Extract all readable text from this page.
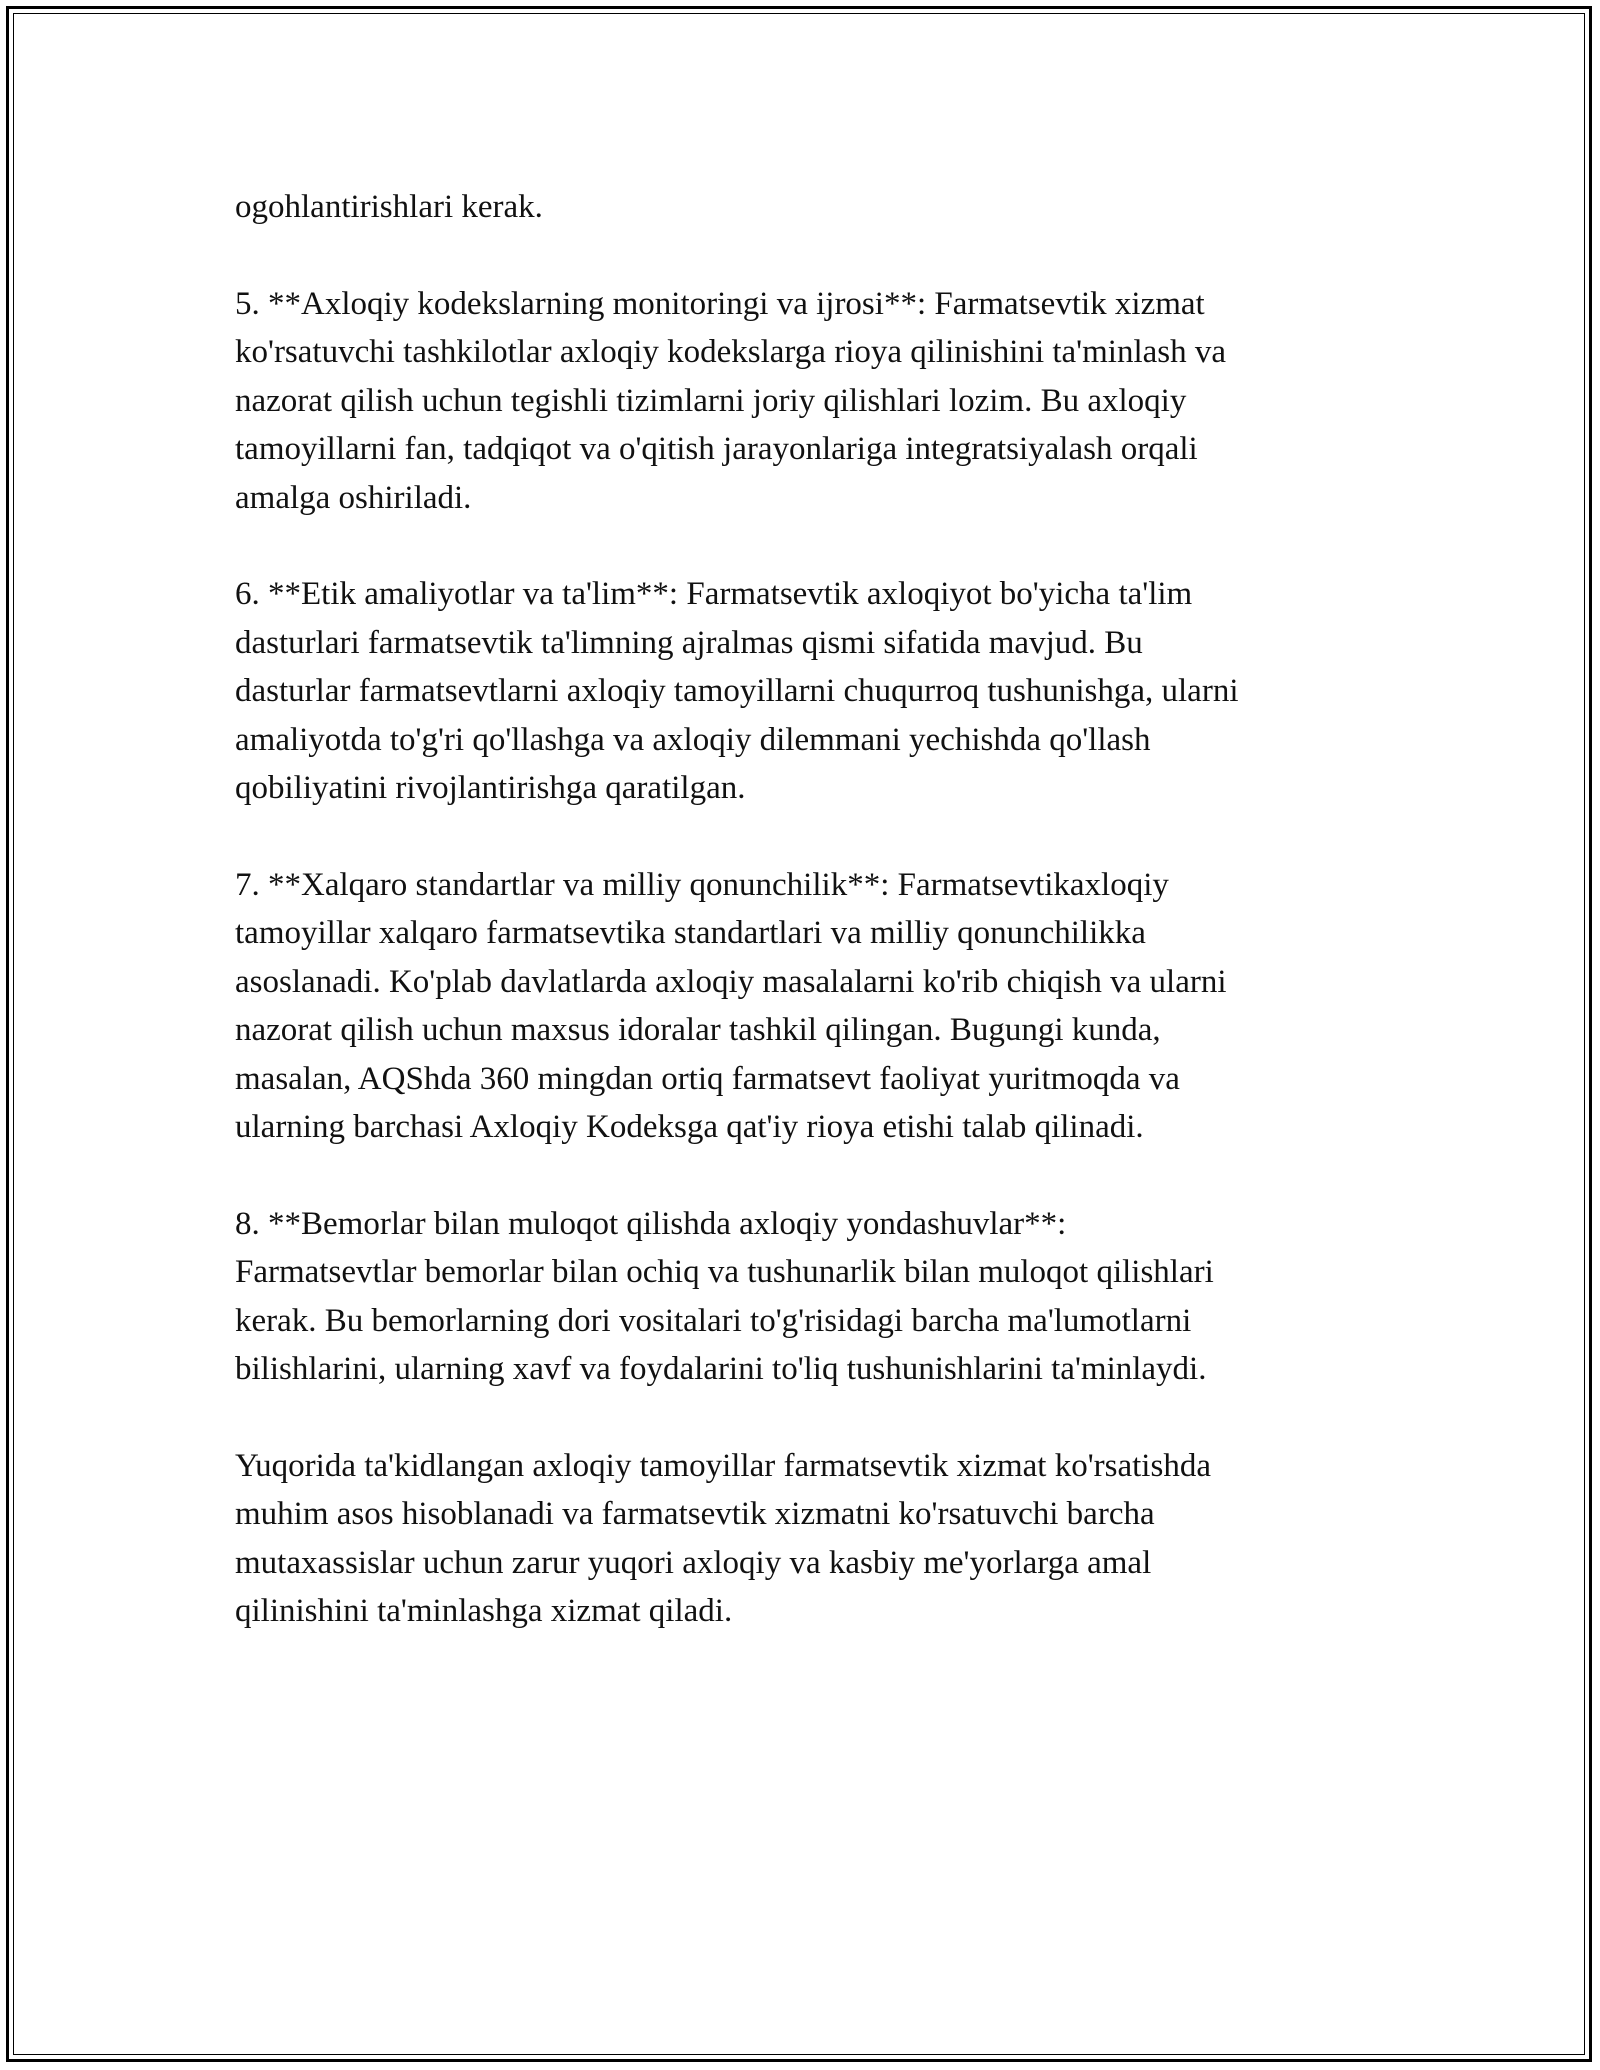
ogohlantirishlari kerak.

5. **Axloqiy kodekslarning monitoringi va ijrosi**: Farmatsevtik xizmat
ko'rsatuvchi tashkilotlar axloqiy kodekslarga rioya qilinishini ta'minlash va
nazorat qilish uchun tegishli tizimlarni joriy qilishlari lozim. Bu axloqiy
tamoyillarni fan, tadqiqot va o'qitish jarayonlariga integratsiyalash orqali
amalga oshiriladi.

6. **Etik amaliyotlar va ta'lim**: Farmatsevtik axloqiyot bo'yicha ta'lim
dasturlari farmatsevtik ta'limning ajralmas qismi sifatida mavjud. Bu
dasturlar farmatsevtlarni axloqiy tamoyillarni chuqurroq tushunishga, ularni
amaliyotda to'g'ri qo'llashga va axloqiy dilemmani yechishda qo'llash
qobiliyatini rivojlantirishga qaratilgan.

7. **Xalqaro standartlar va milliy qonunchilik**: Farmatsevtikaxloqiy
tamoyillar xalqaro farmatsevtika standartlari va milliy qonunchilikka
asoslanadi. Ko'plab davlatlarda axloqiy masalalarni ko'rib chiqish va ularni
nazorat qilish uchun maxsus idoralar tashkil qilingan. Bugungi kunda,
masalan, AQShda 360 mingdan ortiq farmatsevt faoliyat yuritmoqda va
ularning barchasi Axloqiy Kodeksga qat'iy rioya etishi talab qilinadi.

8. **Bemorlar bilan muloqot qilishda axloqiy yondashuvlar**:
Farmatsevtlar bemorlar bilan ochiq va tushunarlik bilan muloqot qilishlari
kerak. Bu bemorlarning dori vositalari to'g'risidagi barcha ma'lumotlarni
bilishlarini, ularning xavf va foydalarini to'liq tushunishlarini ta'minlaydi.

Yuqorida ta'kidlangan axloqiy tamoyillar farmatsevtik xizmat ko'rsatishda
muhim asos hisoblanadi va farmatsevtik xizmatni ko'rsatuvchi barcha
mutaxassislar uchun zarur yuqori axloqiy va kasbiy me'yorlarga amal
qilinishini ta'minlashga xizmat qiladi.
